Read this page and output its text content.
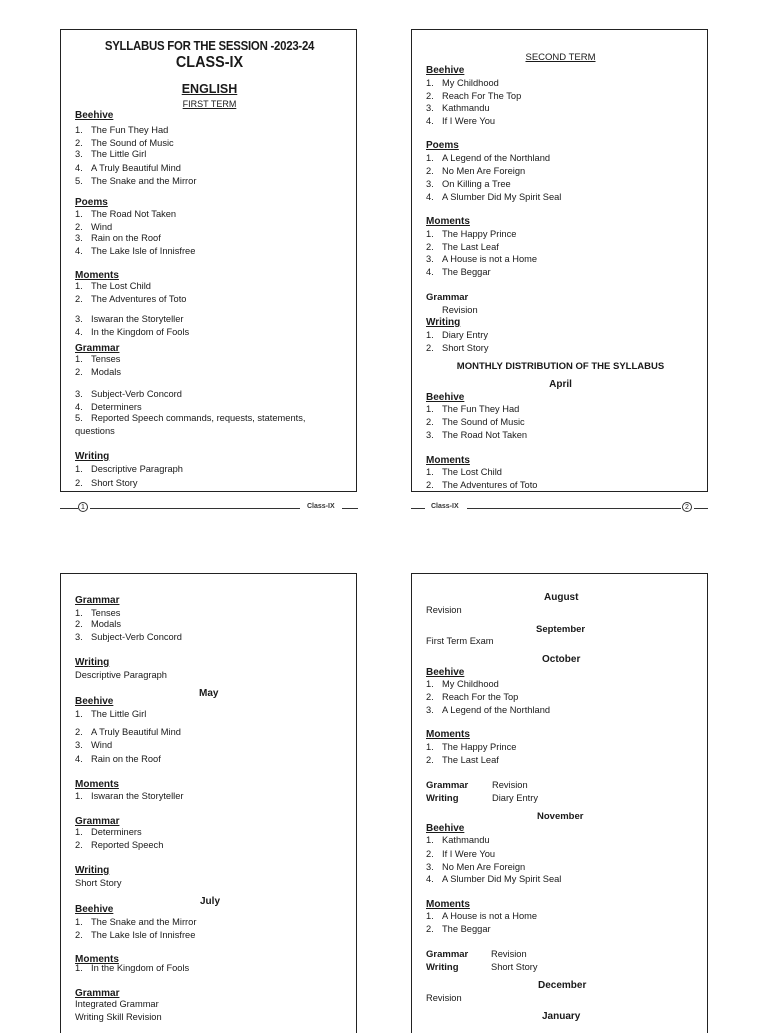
SYLLABUS FOR THE SESSION -2023-24
CLASS-IX
ENGLISH
FIRST TERM
Beehive
1. The Fun They Had
2. The Sound of Music
3. The Little Girl
4. A Truly Beautiful Mind
5. The Snake and the Mirror
Poems
1. The Road Not Taken
2. Wind
3. Rain on the Roof
4. The Lake Isle of Innisfree
Moments
1. The Lost Child
2. The Adventures of Toto
3. Iswaran the Storyteller
4. In the Kingdom of Fools
Grammar
1. Tenses
2. Modals
3. Subject-Verb Concord
4. Determiners
5. Reported Speech commands, requests, statements, questions
Writing
1. Descriptive Paragraph
2. Short Story
1	Class-IX
SECOND TERM
Beehive
1. My Childhood
2. Reach For The Top
3. Kathmandu
4. If I Were You
Poems
1. A Legend of the Northland
2. No Men Are Foreign
3. On Killing a Tree
4. A Slumber Did My Spirit Seal
Moments
1. The Happy Prince
2. The Last Leaf
3. A House is not a Home
4. The Beggar
Grammar
Revision
Writing
1. Diary Entry
2. Short Story
MONTHLY DISTRIBUTION OF THE SYLLABUS
April
Beehive
1. The Fun They Had
2. The Sound of Music
3. The Road Not Taken
Moments
1. The Lost Child
2. The Adventures of Toto
Class-IX	2
Grammar
1. Tenses
2. Modals
3. Subject-Verb Concord
Writing
Descriptive Paragraph
May
Beehive
1. The Little Girl
2. A Truly Beautiful Mind
3. Wind
4. Rain on the Roof
Moments
1. Iswaran the Storyteller
Grammar
1. Determiners
2. Reported Speech
Writing
Short Story
July
Beehive
1. The Snake and the Mirror
2. The Lake Isle of Innisfree
Moments
1. In the Kingdom of Fools
Grammar
Integrated Grammar
Writing Skill Revision
August
Revision
September
First Term Exam
October
Beehive
1. My Childhood
2. Reach For the Top
3. A Legend of the Northland
Moments
1. The Happy Prince
2. The Last Leaf
Grammar	Revision
Writing	Diary Entry
November
Beehive
1. Kathmandu
2. If I Were You
3. No Men Are Foreign
4. A Slumber Did My Spirit Seal
Moments
1. A House is not a Home
2. The Beggar
Grammar Revision
Writing	Short Story
December
Revision
January
